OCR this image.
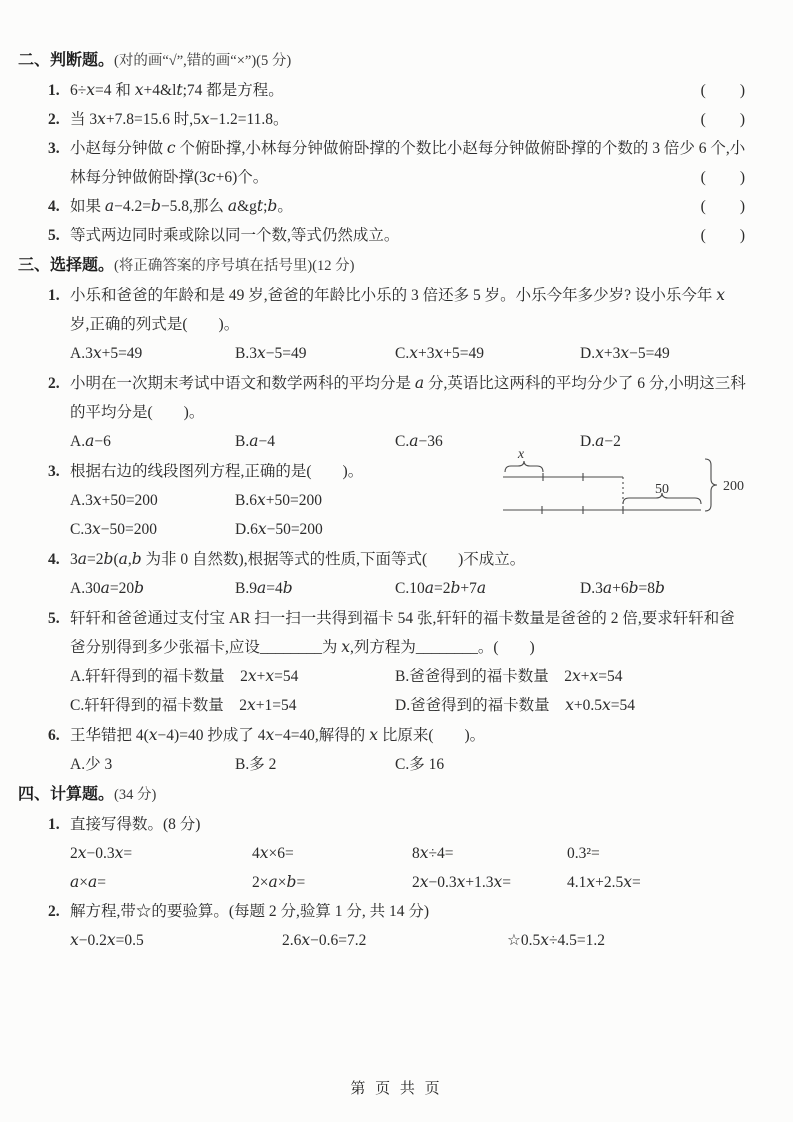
二、判断题。(对的画“√”,错的画“×”)(5 分)
1. 6÷x=4 和 x+4&lt;74 都是方程。	(　　)
2. 当 3x+7.8=15.6 时,5x−1.2=11.8。	(　　)
3. 小赵每分钟做 c 个俯卧撑,小林每分钟做俯卧撑的个数比小赵每分钟做俯卧撑的个数的 3 倍少 6 个,小林每分钟做俯卧撑(3c+6)个。	(　　)
4. 如果 a−4.2=b−5.8,那么 a&gt;b。	(　　)
5. 等式两边同时乘或除以同一个数,等式仍然成立。	(　　)
三、选择题。(将正确答案的序号填在括号里)(12 分)
1. 小乐和爸爸的年龄和是 49 岁,爸爸的年龄比小乐的 3 倍还多 5 岁。小乐今年多少岁? 设小乐今年 x 岁,正确的列式是(　　)。
A.3x+5=49	B.3x−5=49	C.x+3x+5=49	D.x+3x−5=49
2. 小明在一次期末考试中语文和数学两科的平均分是 a 分,英语比这两科的平均分少了 6 分,小明这三科的平均分是(　　)。
A.a−6	B.a−4	C.a−36	D.a−2
3. 根据右边的线段图列方程,正确的是(　　)。
A.3x+50=200	B.6x+50=200
C.3x−50=200	D.6x−50=200
x
50	200
4. 3a=2b(a,b 为非 0 自然数),根据等式的性质,下面等式(　　)不成立。
A.30a=20b	B.9a=4b	C.10a=2b+7a	D.3a+6b=8b
5. 轩轩和爸爸通过支付宝 AR 扫一扫一共得到福卡 54 张,轩轩的福卡数量是爸爸的 2 倍,要求轩轩和爸爸分别得到多少张福卡,应设________为 x,列方程为________。(　　)
A.轩轩得到的福卡数量　2x+x=54	B.爸爸得到的福卡数量　2x+x=54
C.轩轩得到的福卡数量　2x+1=54	D.爸爸得到的福卡数量　x+0.5x=54
6. 王华错把 4(x−4)=40 抄成了 4x−4=40,解得的 x 比原来(　　)。
A.少 3	B.多 2	C.多 16
四、计算题。(34 分)
1. 直接写得数。(8 分)
2x−0.3x=	4x×6=	8x÷4=	0.3²=
a×a=	2×a×b=	2x−0.3x+1.3x=	4.1x+2.5x=
2. 解方程,带☆的要验算。(每题 2 分,验算 1 分, 共 14 分)
x−0.2x=0.5	2.6x−0.6=7.2	☆0.5x÷4.5=1.2
第 页 共 页
